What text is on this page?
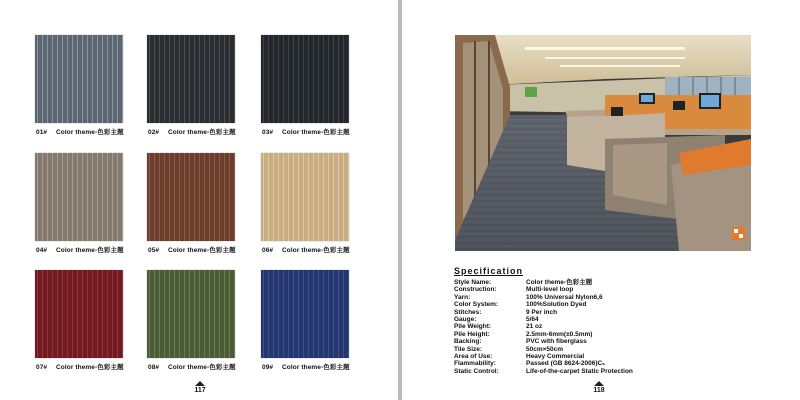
01# Color theme-色彩主题	02# Color theme-色彩主题	03# Color theme-色彩主题
04# Color theme-色彩主题	05# Color theme-色彩主题	06# Color theme-色彩主题
07# Color theme-色彩主题	08# Color theme-色彩主题	09# Color theme-色彩主题
117
Specification
Style Name:	Color theme-色彩主题
Construction:	Multi-level loop
Yarn:	100% Universal Nylon6,6
Color System:	100%Solution Dyed
Stitches:	9 Per inch
Gauge:	5/64
Pile Weight:	21 oz
Pile Height:	2.5mm-6mm(±0.5mm)
Backing:	PVC with fiberglass
Tile Size:	50cm×50cm
Area of Use:	Heavy Commercial
Flammability:	Passed (GB 8624-2006)Cₛ
Static Control:	Life-of-the-carpet Static Protection
118
